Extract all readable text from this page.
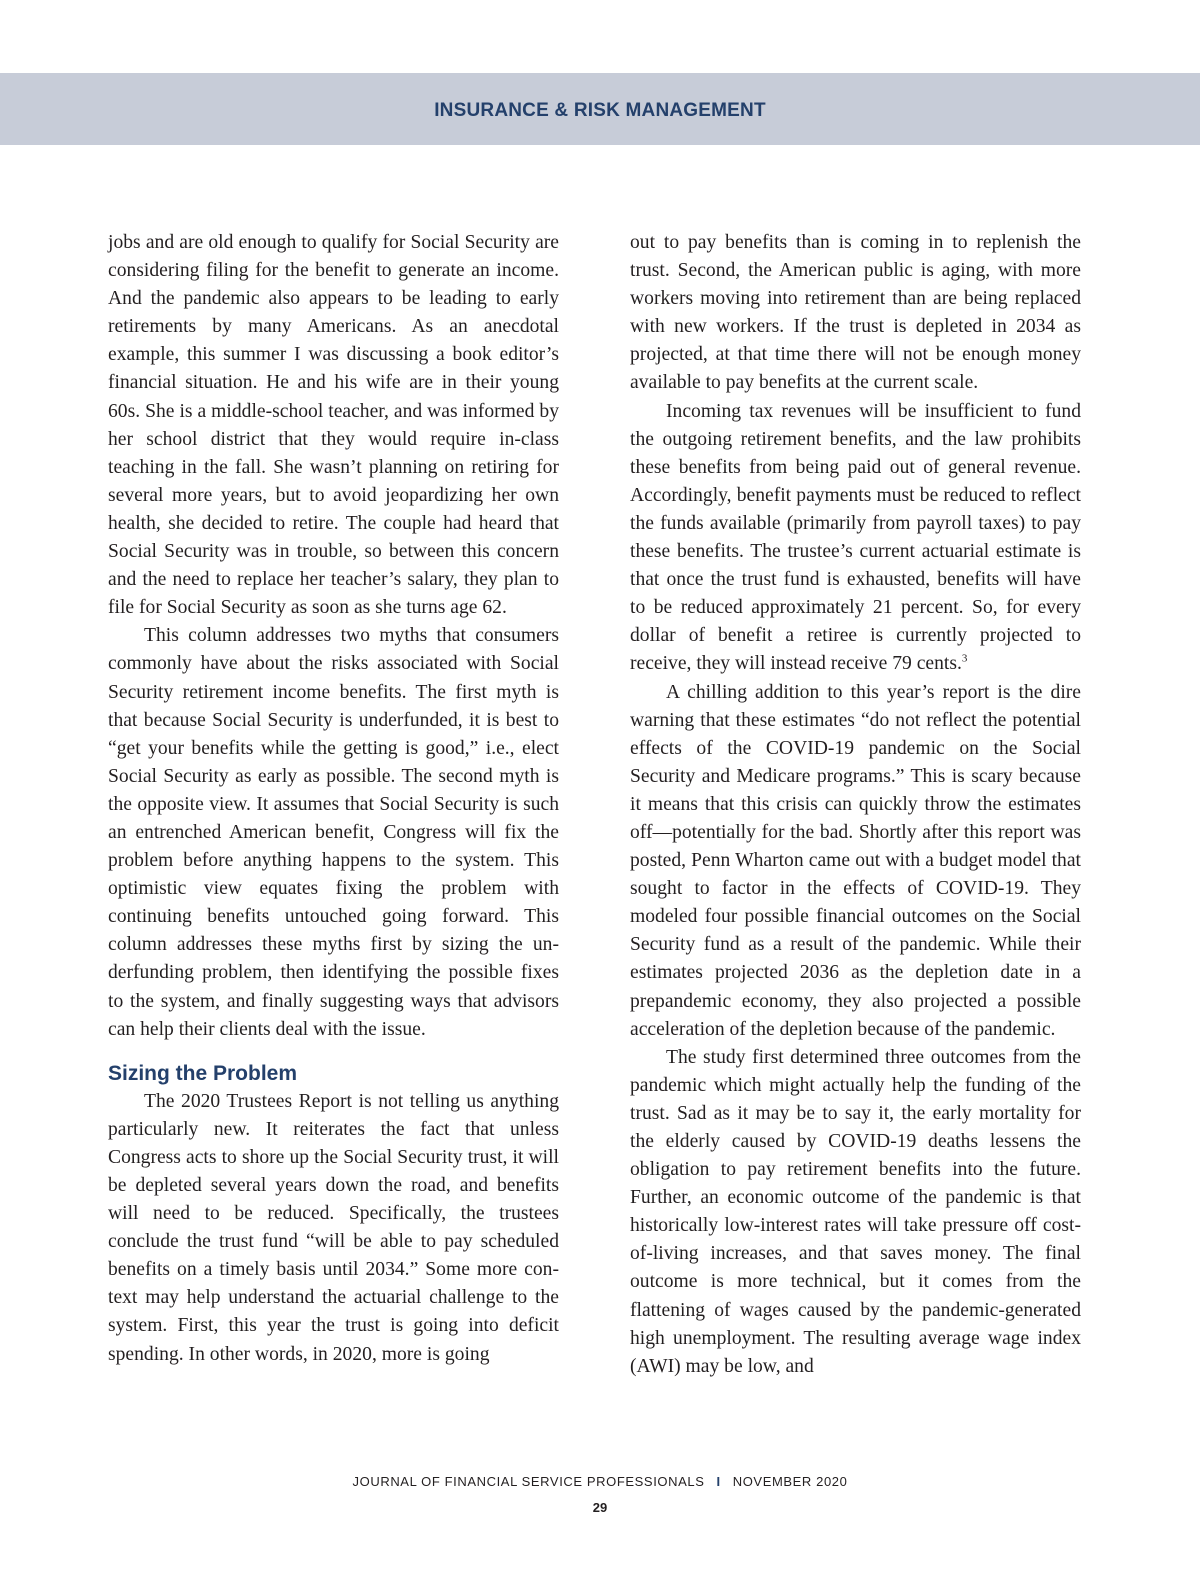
INSURANCE & RISK MANAGEMENT

jobs and are old enough to qualify for Social Security are considering filing for the benefit to generate an income. And the pandemic also appears to be leading to early retirements by many Americans. As an anecdotal example, this summer I was discussing a book editor’s financial situation. He and his wife are in their young 60s. She is a middle-school teacher, and was informed by her school district that they would require in-class teaching in the fall. She wasn’t planning on retiring for several more years, but to avoid jeopardizing her own health, she decided to retire. The couple had heard that Social Security was in trouble, so between this concern and the need to replace her teacher’s salary, they plan to file for Social Security as soon as she turns age 62.

This column addresses two myths that consumers commonly have about the risks associated with Social Security retirement income benefits. The first myth is that because Social Security is underfunded, it is best to “get your benefits while the getting is good,” i.e., elect Social Security as early as possible. The second myth is the opposite view. It assumes that Social Security is such an entrenched American benefit, Congress will fix the problem before anything happens to the system. This optimistic view equates fixing the problem with continuing benefits untouched going forward. This column addresses these myths first by sizing the underfunding problem, then identifying the possible fixes to the system, and finally suggesting ways that advisors can help their clients deal with the issue.

Sizing the Problem

The 2020 Trustees Report is not telling us anything particularly new. It reiterates the fact that unless Congress acts to shore up the Social Security trust, it will be depleted several years down the road, and benefits will need to be reduced. Specifically, the trustees conclude the trust fund “will be able to pay scheduled benefits on a timely basis until 2034.” Some more context may help understand the actuarial challenge to the system. First, this year the trust is going into deficit spending. In other words, in 2020, more is going

out to pay benefits than is coming in to replenish the trust. Second, the American public is aging, with more workers moving into retirement than are being replaced with new workers. If the trust is depleted in 2034 as projected, at that time there will not be enough money available to pay benefits at the current scale.

Incoming tax revenues will be insufficient to fund the outgoing retirement benefits, and the law prohibits these benefits from being paid out of general revenue. Accordingly, benefit payments must be reduced to reflect the funds available (primarily from payroll taxes) to pay these benefits. The trustee’s current actuarial estimate is that once the trust fund is exhausted, benefits will have to be reduced approximately 21 percent. So, for every dollar of benefit a retiree is currently projected to receive, they will instead receive 79 cents.$^3$

A chilling addition to this year’s report is the dire warning that these estimates “do not reflect the potential effects of the COVID-19 pandemic on the Social Security and Medicare programs.” This is scary because it means that this crisis can quickly throw the estimates off—potentially for the bad. Shortly after this report was posted, Penn Wharton came out with a budget model that sought to factor in the effects of COVID-19. They modeled four possible financial outcomes on the Social Security fund as a result of the pandemic. While their estimates projected 2036 as the depletion date in a prepandemic economy, they also projected a possible acceleration of the depletion because of the pandemic.

The study first determined three outcomes from the pandemic which might actually help the funding of the trust. Sad as it may be to say it, the early mortality for the elderly caused by COVID-19 deaths lessens the obligation to pay retirement benefits into the future. Further, an economic outcome of the pandemic is that historically low-interest rates will take pressure off cost-of-living increases, and that saves money. The final outcome is more technical, but it comes from the flattening of wages caused by the pandemic-generated high unemployment. The resulting average wage index (AWI) may be low, and

JOURNAL OF FINANCIAL SERVICE PROFESSIONALS I NOVEMBER 2020
29
